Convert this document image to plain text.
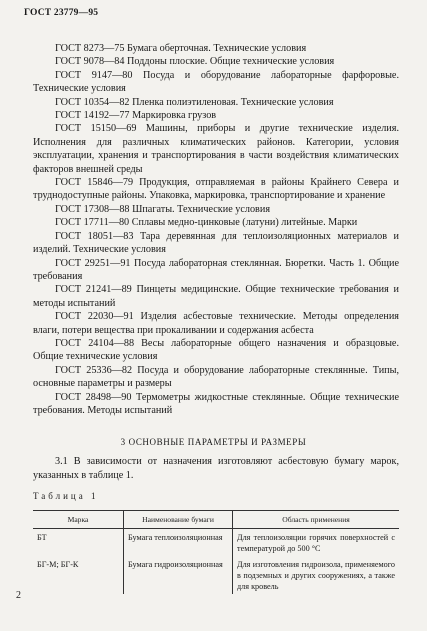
ГОСТ 23779—95

ГОСТ 8273—75 Бумага оберточная. Технические условия

ГОСТ 9078—84 Поддоны плоские. Общие технические условия

ГОСТ 9147—80 Посуда и оборудование лабораторные фарфоровые. Технические условия

ГОСТ 10354—82 Пленка полиэтиленовая. Технические условия

ГОСТ 14192—77 Маркировка грузов

ГОСТ 15150—69 Машины, приборы и другие технические изделия. Исполнения для различных климатических районов. Категории, условия эксплуатации, хранения и транспортирования в части воздействия климатических факторов внешней среды

ГОСТ 15846—79 Продукция, отправляемая в районы Крайнего Севера и труднодоступные районы. Упаковка, маркировка, транспортирование и хранение

ГОСТ 17308—88 Шпагаты. Технические условия

ГОСТ 17711—80 Сплавы медно-цинковые (латуни) литейные. Марки

ГОСТ 18051—83 Тара деревянная для теплоизоляционных материалов и изделий. Технические условия

ГОСТ 29251—91 Посуда лабораторная стеклянная. Бюретки. Часть 1. Общие требования

ГОСТ 21241—89 Пинцеты медицинские. Общие технические требования и методы испытаний

ГОСТ 22030—91 Изделия асбестовые технические. Методы определения влаги, потери вещества при прокаливании и содержания асбеста

ГОСТ 24104—88 Весы лабораторные общего назначения и образцовые. Общие технические условия

ГОСТ 25336—82 Посуда и оборудование лабораторные стеклянные. Типы, основные параметры и размеры

ГОСТ 28498—90 Термометры жидкостные стеклянные. Общие технические требования. Методы испытаний

3 ОСНОВНЫЕ ПАРАМЕТРЫ И РАЗМЕРЫ

3.1 В зависимости от назначения изготовляют асбестовую бумагу марок, указанных в таблице 1.

Таблица 1
Марка	Наименование бумаги	Область применения
БТ	Бумага теплоизоляционная	Для теплоизоляции горячих поверхностей с температурой до 500 °С
БГ-М; БГ-К	Бумага гидроизоляционная	Для изготовления гидроизола, применяемого в подземных и других сооружениях, а также для кровель
2
